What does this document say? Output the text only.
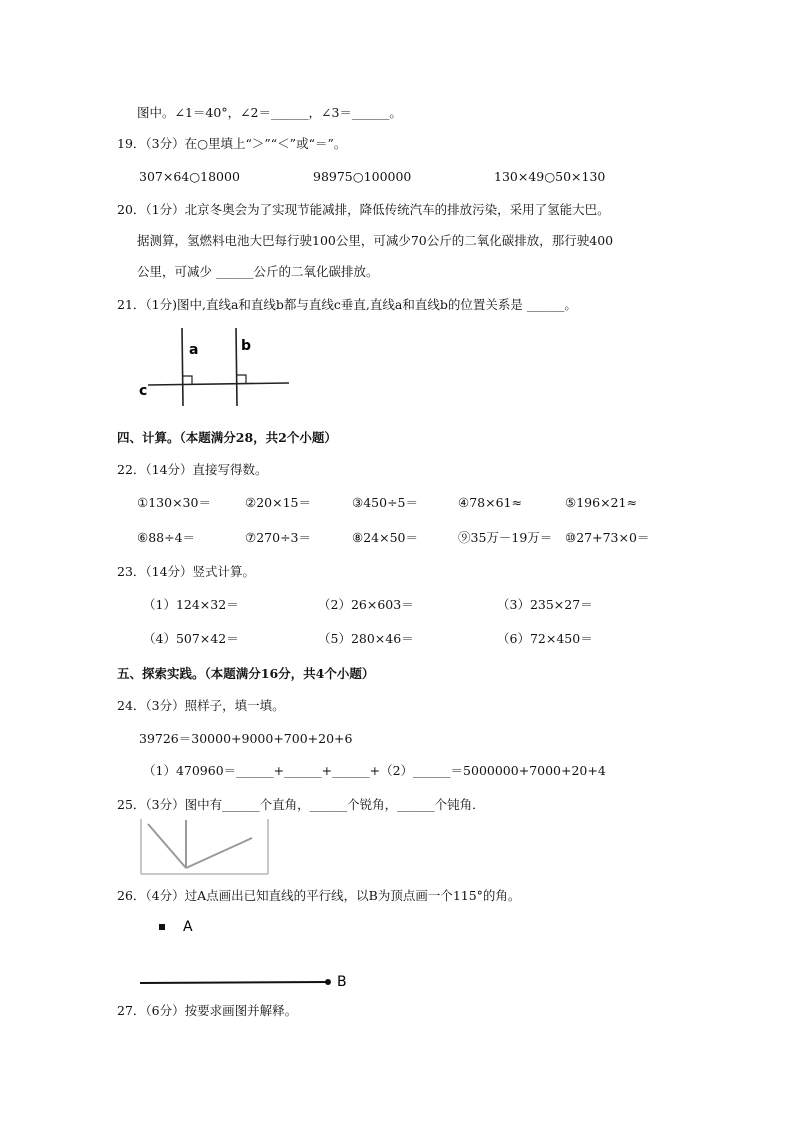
图中。∠1＝40°，∠2＝______，∠3＝______。
19．（3分）在○里填上“＞”“＜”或“＝”。
307×64○18000	98975○100000	130×49○50×130
20．（1分）北京冬奥会为了实现节能减排，降低传统汽车的排放污染，采用了氢能大巴。
据测算，氢燃料电池大巴每行驶100公里，可减少70公斤的二氧化碳排放，那行驶400
公里，可减少 ______公斤的二氧化碳排放。
21．（1分)图中,直线a和直线b都与直线c垂直,直线a和直线b的位置关系是 ______。
a	b
c
四、计算。（本题满分28，共2个小题）
22．（14分）直接写得数。
①130×30＝	②20×15＝	③450÷5＝	④78×61≈	⑤196×21≈
⑥88÷4＝	⑦270÷3＝	⑧24×50＝	⑨35万－19万＝ ⑩27+73×0＝
23．（14分）竖式计算。
（1）124×32＝	（2）26×603＝	（3）235×27＝
（4）507×42＝	（5）280×46＝	（6）72×450＝
五、探索实践。（本题满分16分，共4个小题）
24．（3分）照样子，填一填。
39726＝30000+9000+700+20+6
（1）470960＝______+______+______+（2）______＝5000000+7000+20+4
25．（3分）图中有______个直角，______个锐角，______个钝角．
26．（4分）过A点画出已知直线的平行线，以B为顶点画一个115°的角。
A
B
27．（6分）按要求画图并解释。
